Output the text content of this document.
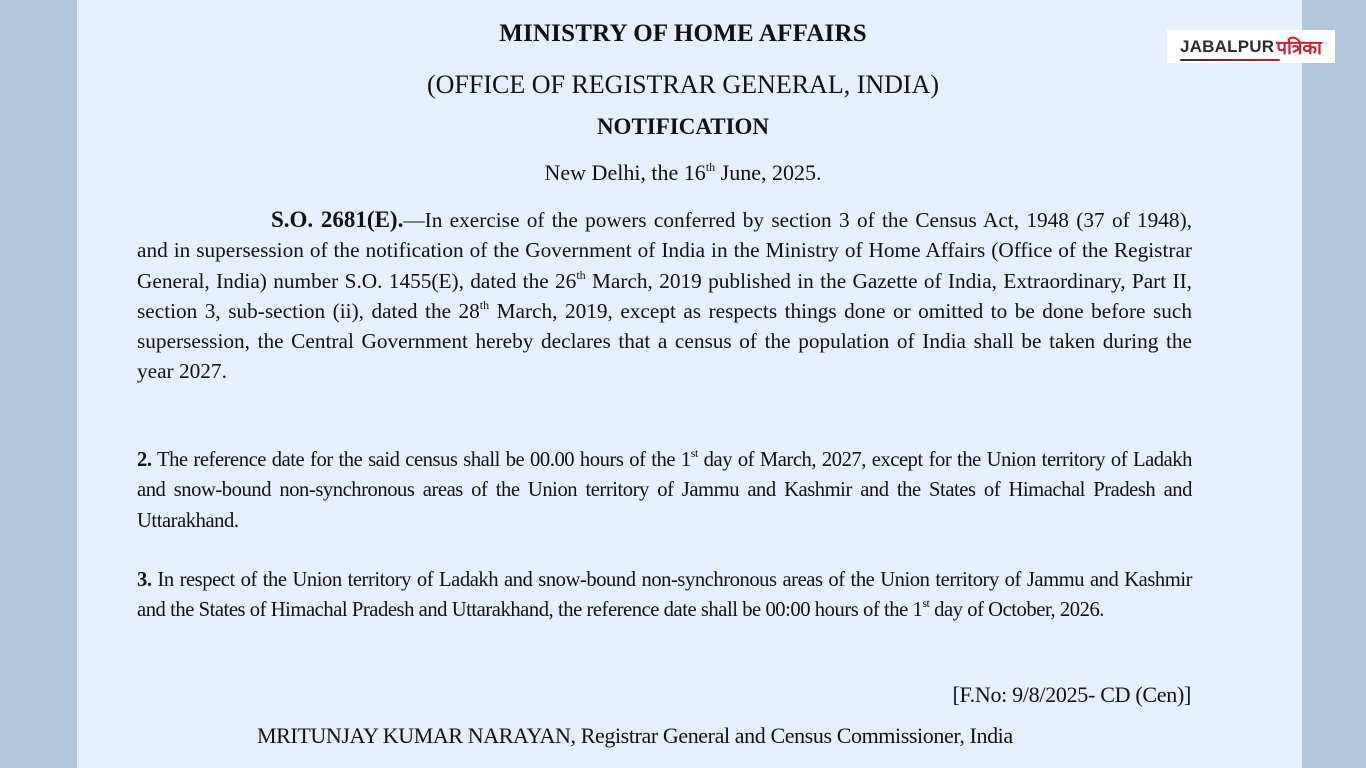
JABALPUR पत्रिका
MINISTRY OF HOME AFFAIRS
(OFFICE OF REGISTRAR GENERAL, INDIA)
NOTIFICATION
New Delhi, the 16th June, 2025.
S.O. 2681(E).—In exercise of the powers conferred by section 3 of the Census Act, 1948 (37 of 1948), and in supersession of the notification of the Government of India in the Ministry of Home Affairs (Office of the Registrar General, India) number S.O. 1455(E), dated the 26th March, 2019 published in the Gazette of India, Extraordinary, Part II, section 3, sub-section (ii), dated the 28th March, 2019, except as respects things done or omitted to be done before such supersession, the Central Government hereby declares that a census of the population of India shall be taken during the year 2027.
2. The reference date for the said census shall be 00.00 hours of the 1st day of March, 2027, except for the Union territory of Ladakh and snow-bound non-synchronous areas of the Union territory of Jammu and Kashmir and the States of Himachal Pradesh and Uttarakhand.
3. In respect of the Union territory of Ladakh and snow-bound non-synchronous areas of the Union territory of Jammu and Kashmir and the States of Himachal Pradesh and Uttarakhand, the reference date shall be 00:00 hours of the 1st day of October, 2026.
[F.No: 9/8/2025- CD (Cen)]
MRITUNJAY KUMAR NARAYAN, Registrar General and Census Commissioner, India
